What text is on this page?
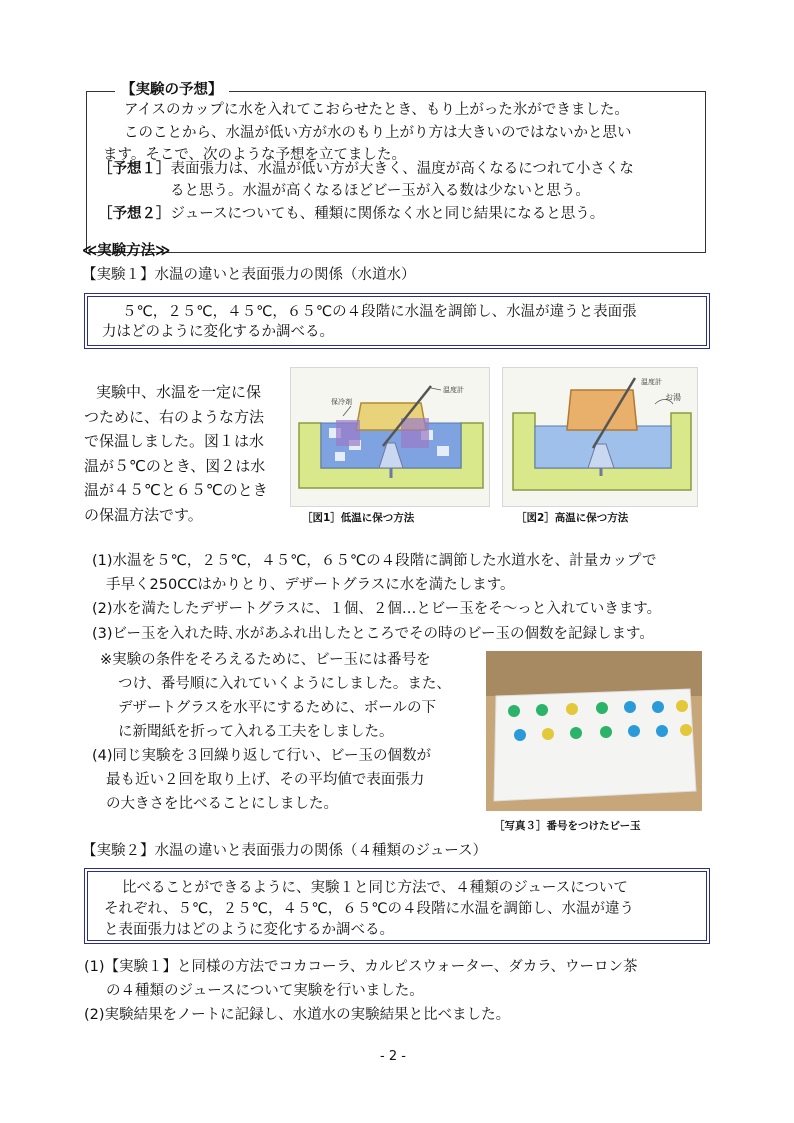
【実験の予想】
アイスのカップに水を入れてこおらせたとき、もり上がった氷ができました。
このことから、水温が低い方が水のもり上がり方は大きいのではないかと思い
ます。そこで、次のような予想を立てました。
［予想１］表面張力は、水温が低い方が大きく、温度が高くなるにつれて小さくな
ると思う。水温が高くなるほどビー玉が入る数は少ないと思う。
［予想２］ジュースについても、種類に関係なく水と同じ結果になると思う。
≪実験方法≫
【実験１】水温の違いと表面張力の関係（水道水）
５℃，２５℃，４５℃，６５℃の４段階に水温を調節し、水温が違うと表面張
力はどのように変化するか調べる。
実験中、水温を一定に保
つために、右のような方法
で保温しました。図１は水
温が５℃のとき、図２は水
温が４５℃と６５℃のとき
の保温方法です。
温度計
保冷剤
［図1］低温に保つ方法
温度計
お湯
［図2］高温に保つ方法
(1)水温を５℃，２５℃，４５℃，６５℃の４段階に調節した水道水を、計量カップで
手早く250CCはかりとり、デザートグラスに水を満たします。
(2)水を満たしたデザートグラスに、１個、２個…とビー玉をそ〜っと入れていきます。
(3)ビー玉を入れた時､水があふれ出したところでその時のビー玉の個数を記録します。
※実験の条件をそろえるために、ビー玉には番号を
つけ、番号順に入れていくようにしました。また、
デザートグラスを水平にするために、ボールの下
に新聞紙を折って入れる工夫をしました。
(4)同じ実験を３回繰り返して行い、ビー玉の個数が
最も近い２回を取り上げ、その平均値で表面張力
の大きさを比べることにしました。
［写真３］番号をつけたビー玉
【実験２】水温の違いと表面張力の関係（４種類のジュース）
比べることができるように、実験１と同じ方法で、４種類のジュースについて
それぞれ、５℃，２５℃，４５℃，６５℃の４段階に水温を調節し、水温が違う
と表面張力はどのように変化するか調べる。
(1)【実験１】と同様の方法でコカコーラ、カルピスウォーター、ダカラ、ウーロン茶
の４種類のジュースについて実験を行いました。
(2)実験結果をノートに記録し、水道水の実験結果と比べました。
- 2 -
